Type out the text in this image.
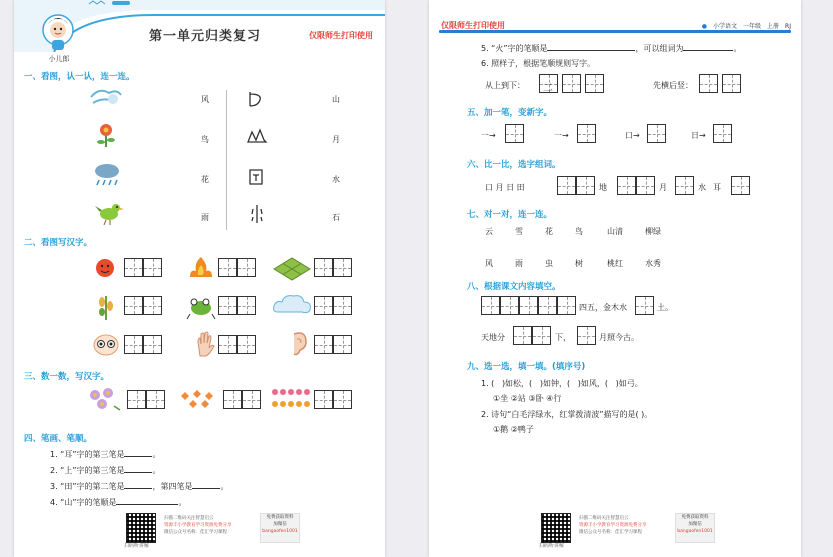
小儿郎
第一单元归类复习	仅限师生打印使用
一、看图，认一认，连一连。
风
鸟
花
雨
山
月
水
石
二、看图写汉字。
三、数一数，写汉字。
四、笔画、笔顺。
1. “耳”字的第三笔是	。
2. “上”字的第三笔是	。
3. “田”字的第二笔是	，第四笔是	。
4. “山”字的笔顺是	。
扫码听讲解
扫描二维码关注智慧启云
资源丰小学教育学习资源免费分享
微信公众号名称：佳汇学习课程
免费获取资料
加微信
bangaofen1001
仅限师生打印使用	● 小学语文 一年级 上册 RJ
5. “火”字的笔顺是	，可以组词为	。
6. 照样子，根据笔顺规则写字。
从上到下： 二	先横后竖：
五、加一笔，变新字。
一→	一→	口→	日→
六、比一比，选字组词。
口 月 日 田	地	月	水 耳
七、对一对，连一连。
云	雪	花	鸟	山清	柳绿
风	雨	虫	树	桃红	水秀
八、根据课文内容填空。
四五，金木水	土。
天地分	下，	月照今古。
九、选一选，填一填。(填序号)
1. ( )如松，( )如钟，( )如风，( )如弓。
①坐 ②站 ③卧 ④行
2. 诗句“白毛浮绿水，红掌拨清波”描写的是( )。
①鹅 ②鸭子
扫码听讲解
扫描二维码关注智慧启云
资源丰小学教育学习资源免费分享
微信公众号名称：佳汇学习课程
免费获取资料
加微信
bangaofen1001
